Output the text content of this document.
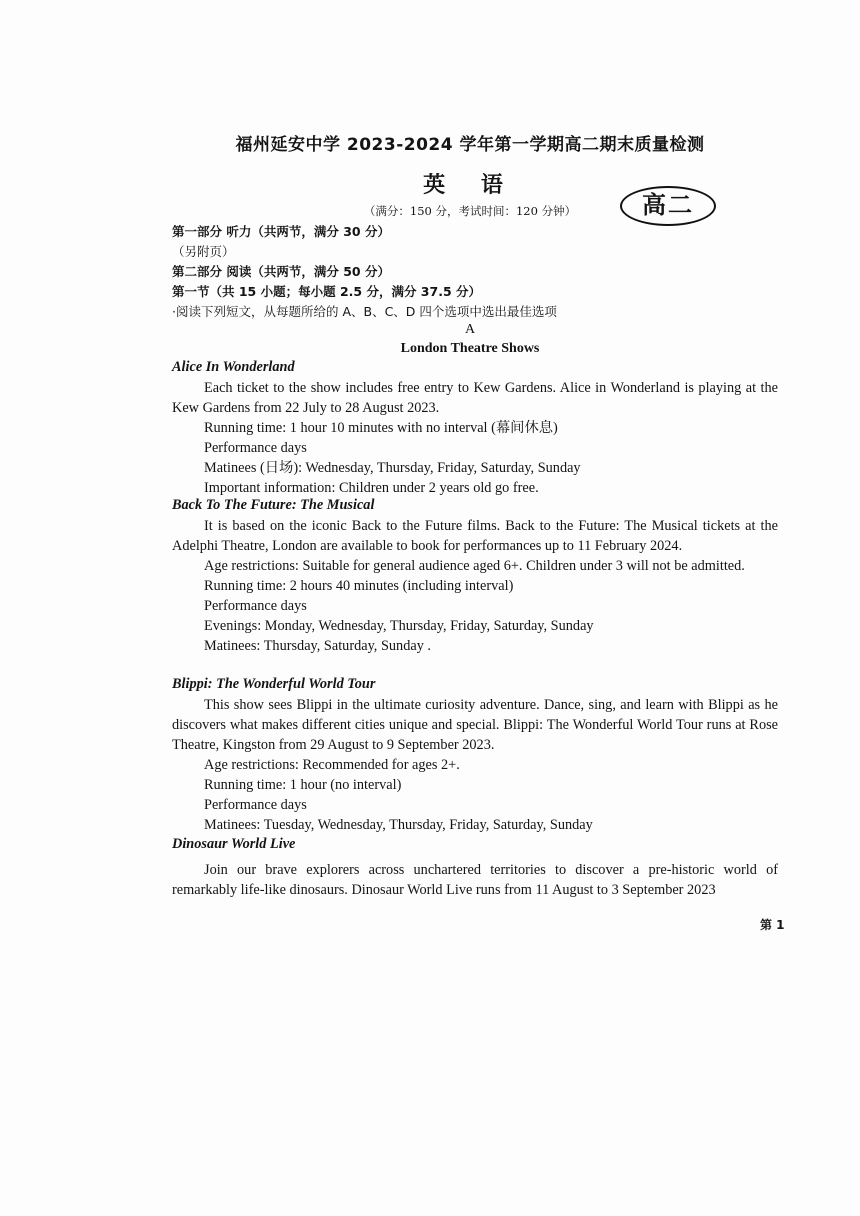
福州延安中学 2023-2024 学年第一学期高二期末质量检测
英 语
（满分：150 分，考试时间：120 分钟）	高二
第一部分 听力（共两节，满分 30 分）
（另附页）
第二部分 阅读（共两节，满分 50 分）
第一节（共 15 小题；每小题 2.5 分，满分 37.5 分）
·阅读下列短文，从每题所给的 A、B、C、D 四个选项中选出最佳选项
A
London Theatre Shows
Alice In Wonderland

Each ticket to the show includes free entry to Kew Gardens. Alice in Wonderland is playing at the Kew Gardens from 22 July to 28 August 2023.

Running time: 1 hour 10 minutes with no interval (幕间休息)

Performance days

Matinees (日场): Wednesday, Thursday, Friday, Saturday, Sunday

Important information: Children under 2 years old go free.

Back To The Future: The Musical

It is based on the iconic Back to the Future films. Back to the Future: The Musical tickets at the Adelphi Theatre, London are available to book for performances up to 11 February 2024.

Age restrictions: Suitable for general audience aged 6+. Children under 3 will not be admitted.

Running time: 2 hours 40 minutes (including interval)

Performance days

Evenings: Monday, Wednesday, Thursday, Friday, Saturday, Sunday

Matinees: Thursday, Saturday, Sunday .

Blippi: The Wonderful World Tour

This show sees Blippi in the ultimate curiosity adventure. Dance, sing, and learn with Blippi as he discovers what makes different cities unique and special. Blippi: The Wonderful World Tour runs at Rose Theatre, Kingston from 29 August to 9 September 2023.

Age restrictions: Recommended for ages 2+.

Running time: 1 hour (no interval)

Performance days

Matinees: Tuesday, Wednesday, Thursday, Friday, Saturday, Sunday

Dinosaur World Live

Join our brave explorers across unchartered territories to discover a pre-historic world of remarkably life-like dinosaurs. Dinosaur World Live runs from 11 August to 3 September 2023

第 1
